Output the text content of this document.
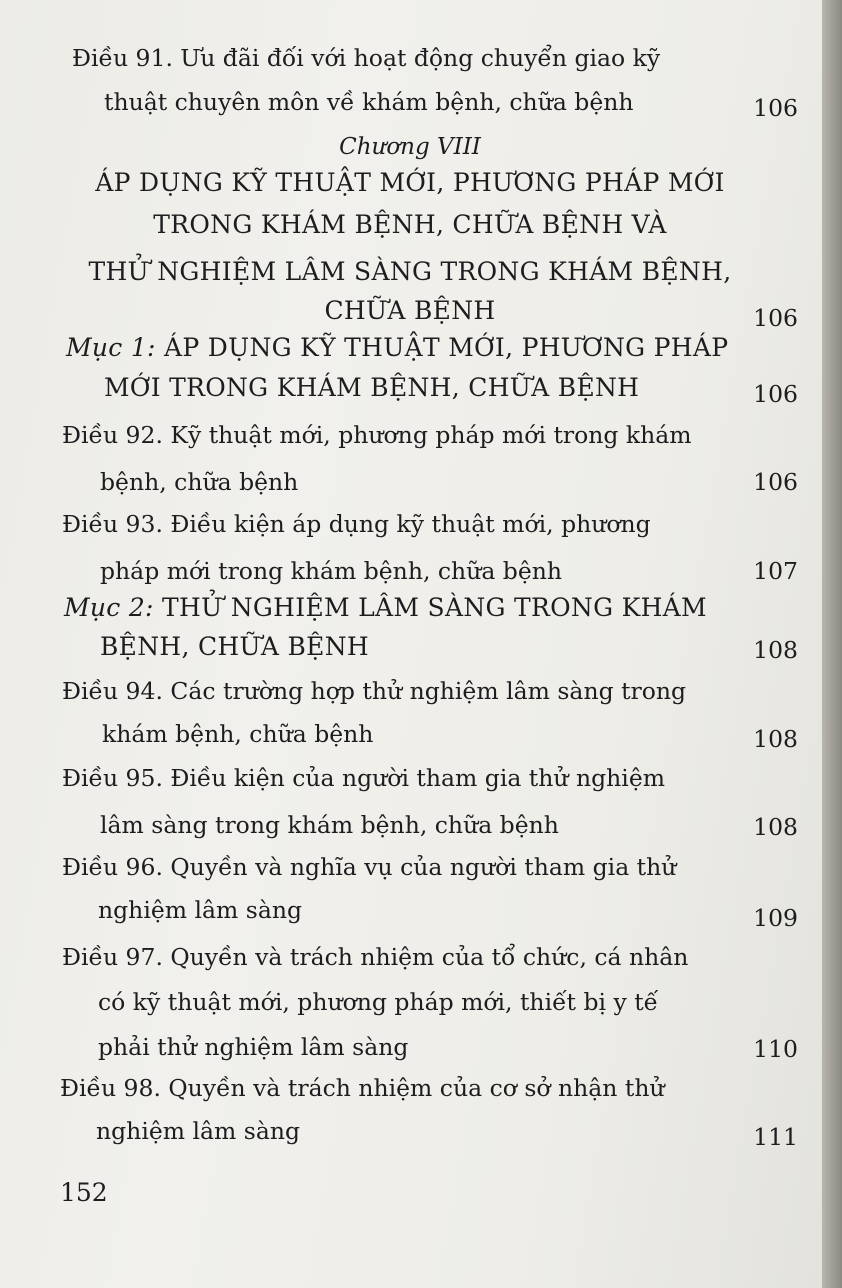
Điều 91. Ưu đãi đối với hoạt động chuyển giao kỹ
thuật chuyên môn về khám bệnh, chữa bệnh	106
Chương VIII
ÁP DỤNG KỸ THUẬT MỚI, PHƯƠNG PHÁP MỚI
TRONG KHÁM BỆNH, CHỮA BỆNH VÀ
THỬ NGHIỆM LÂM SÀNG TRONG KHÁM BỆNH,
CHỮA BỆNH	106
Mục 1: ÁP DỤNG KỸ THUẬT MỚI, PHƯƠNG PHÁP
MỚI TRONG KHÁM BỆNH, CHỮA BỆNH	106
Điều 92. Kỹ thuật mới, phương pháp mới trong khám
bệnh, chữa bệnh	106
Điều 93. Điều kiện áp dụng kỹ thuật mới, phương
pháp mới trong khám bệnh, chữa bệnh	107
Mục 2: THỬ NGHIỆM LÂM SÀNG TRONG KHÁM
BỆNH, CHỮA BỆNH	108
Điều 94. Các trường hợp thử nghiệm lâm sàng trong
khám bệnh, chữa bệnh	108
Điều 95. Điều kiện của người tham gia thử nghiệm
lâm sàng trong khám bệnh, chữa bệnh	108
Điều 96. Quyền và nghĩa vụ của người tham gia thử
nghiệm lâm sàng	109
Điều 97. Quyền và trách nhiệm của tổ chức, cá nhân
có kỹ thuật mới, phương pháp mới, thiết bị y tế
phải thử nghiệm lâm sàng	110
Điều 98. Quyền và trách nhiệm của cơ sở nhận thử
nghiệm lâm sàng	111
152
